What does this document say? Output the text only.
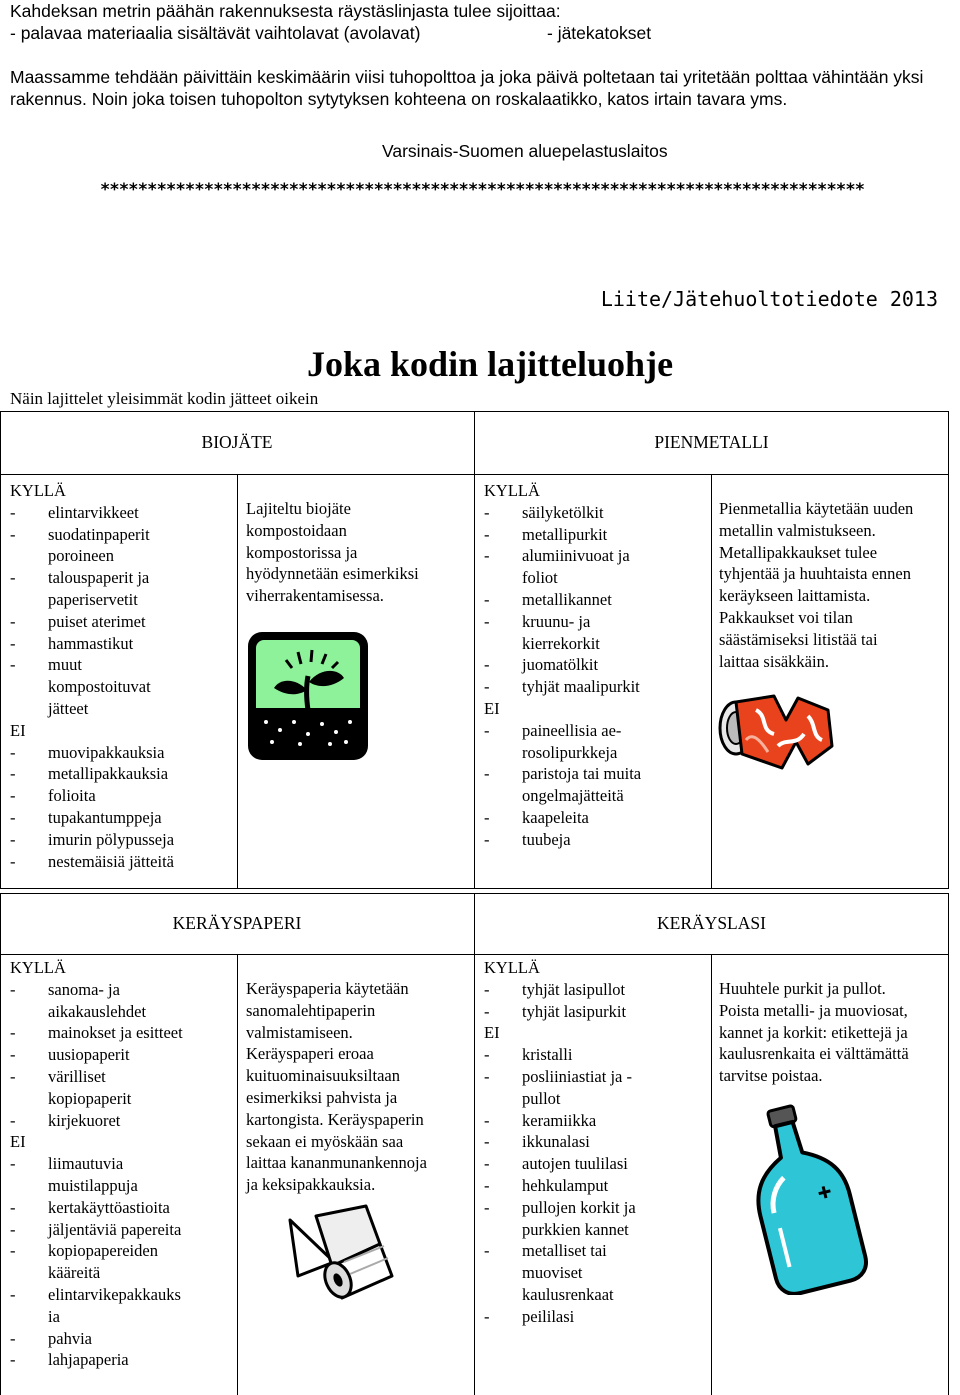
Kahdeksan metrin päähän rakennuksesta räystäslinjasta tulee sijoittaa:
- palavaa materiaalia sisältävät vaihtolavat (avolavat)	- jätekatokset

Maassamme tehdään päivittäin keskimäärin viisi tuhopolttoa ja joka päivä poltetaan tai yritetään polttaa vähintään yksi rakennus. Noin joka toisen tuhopolton sytytyksen kohteena on roskalaatikko, katos irtain tavara yms.

Varsinais-Suomen aluepelastuslaitos
*********************************************************************************
Liite/Jätehuoltotiedote 2013
Joka kodin lajitteluohje
Näin lajittelet yleisimmät kodin jätteet oikein
BIOJÄTE	PIENMETALLI
KYLLÄ
- elintarvikkeet
- suodatinpaperit
poroineen
- talouspaperit ja
paperiservetit
- puiset aterimet
- hammastikut
- muut
kompostoituvat
jätteet
EI
- muovipakkauksia
- metallipakkauksia
- folioita
- tupakantumppeja
- imurin pölypusseja
- nestemäisiä jätteitä
Lajiteltu biojäte
kompostoidaan
kompostorissa ja
hyödynnetään esimerkiksi
viherrakentamisessa.
KYLLÄ
- säilyketölkit
- metallipurkit
- alumiinivuoat ja
foliot
- metallikannet
- kruunu- ja
kierrekorkit
- juomatölkit
- tyhjät maalipurkit
EI
- paineellisia ae-
rosolipurkkeja
- paristoja tai muita
ongelmajätteitä
- kaapeleita
- tuubeja
Pienmetallia käytetään uuden
metallin valmistukseen.
Metallipakkaukset tulee
tyhjentää ja huuhtaista ennen
keräykseen laittamista.
Pakkaukset voi tilan
säästämiseksi litistää tai
laittaa sisäkkäin.
KERÄYSPAPERI	KERÄYSLASI
KYLLÄ
- sanoma- ja
aikakauslehdet
- mainokset ja esitteet
- uusiopaperit
- värilliset
kopiopaperit
- kirjekuoret
EI
- liimautuvia
muistilappuja
- kertakäyttöastioita
- jäljentäviä papereita
- kopiopapereiden
kääreitä
- elintarvikepakkauks
ia
- pahvia
- lahjapaperia
Keräyspaperia käytetään
sanomalehtipaperin
valmistamiseen.
Keräyspaperi eroaa
kuituominaisuuksiltaan
esimerkiksi pahvista ja
kartongista. Keräyspaperin
sekaan ei myöskään saa
laittaa kananmunankennoja
ja keksipakkauksia.
KYLLÄ
- tyhjät lasipullot
- tyhjät lasipurkit
EI
- kristalli
- posliiniastiat ja -
pullot
- keramiikka
- ikkunalasi
- autojen tuulilasi
- hehkulamput
- pullojen korkit ja
purkkien kannet
- metalliset tai
muoviset
kaulusrenkaat
- peililasi
Huuhtele purkit ja pullot.
Poista metalli- ja muoviosat,
kannet ja korkit: etikettejä ja
kaulusrenkaita ei välttämättä
tarvitse poistaa.
